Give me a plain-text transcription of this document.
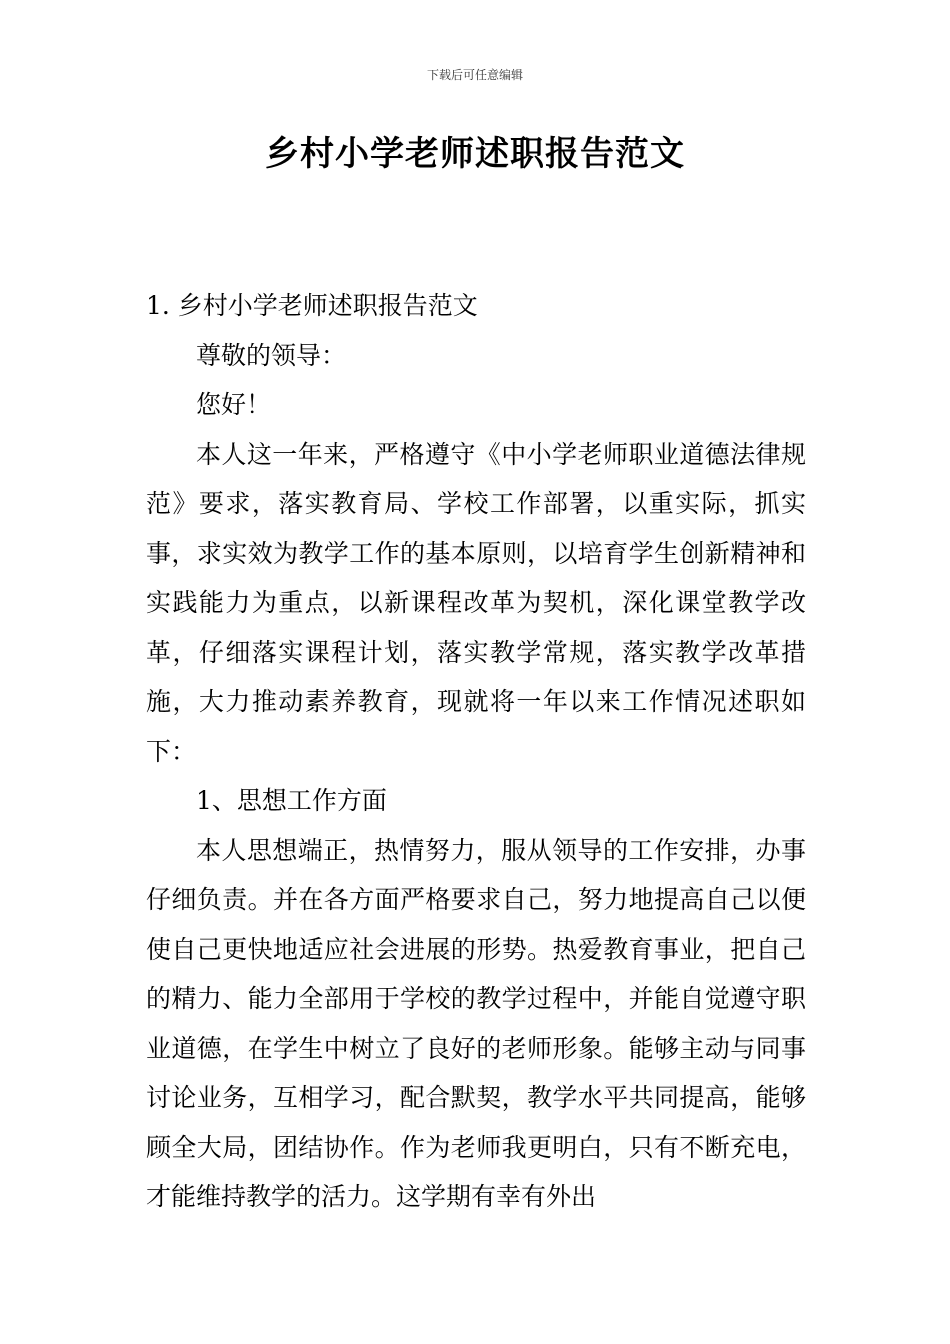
下载后可任意编辑
乡村小学老师述职报告范文

1. 乡村小学老师述职报告范文

尊敬的领导：

您好！

本人这一年来，严格遵守《中小学老师职业道德法律规范》要求，落实教育局、学校工作部署，以重实际，抓实事，求实效为教学工作的基本原则，以培育学生创新精神和实践能力为重点，以新课程改革为契机，深化课堂教学改革，仔细落实课程计划，落实教学常规，落实教学改革措施，大力推动素养教育，现就将一年以来工作情况述职如下：

1、思想工作方面

本人思想端正，热情努力，服从领导的工作安排，办事仔细负责。并在各方面严格要求自己，努力地提高自己以便使自己更快地适应社会进展的形势。热爱教育事业，把自己的精力、能力全部用于学校的教学过程中，并能自觉遵守职业道德，在学生中树立了良好的老师形象。能够主动与同事讨论业务，互相学习，配合默契，教学水平共同提高，能够顾全大局，团结协作。作为老师我更明白，只有不断充电，才能维持教学的活力。这学期有幸有外出
